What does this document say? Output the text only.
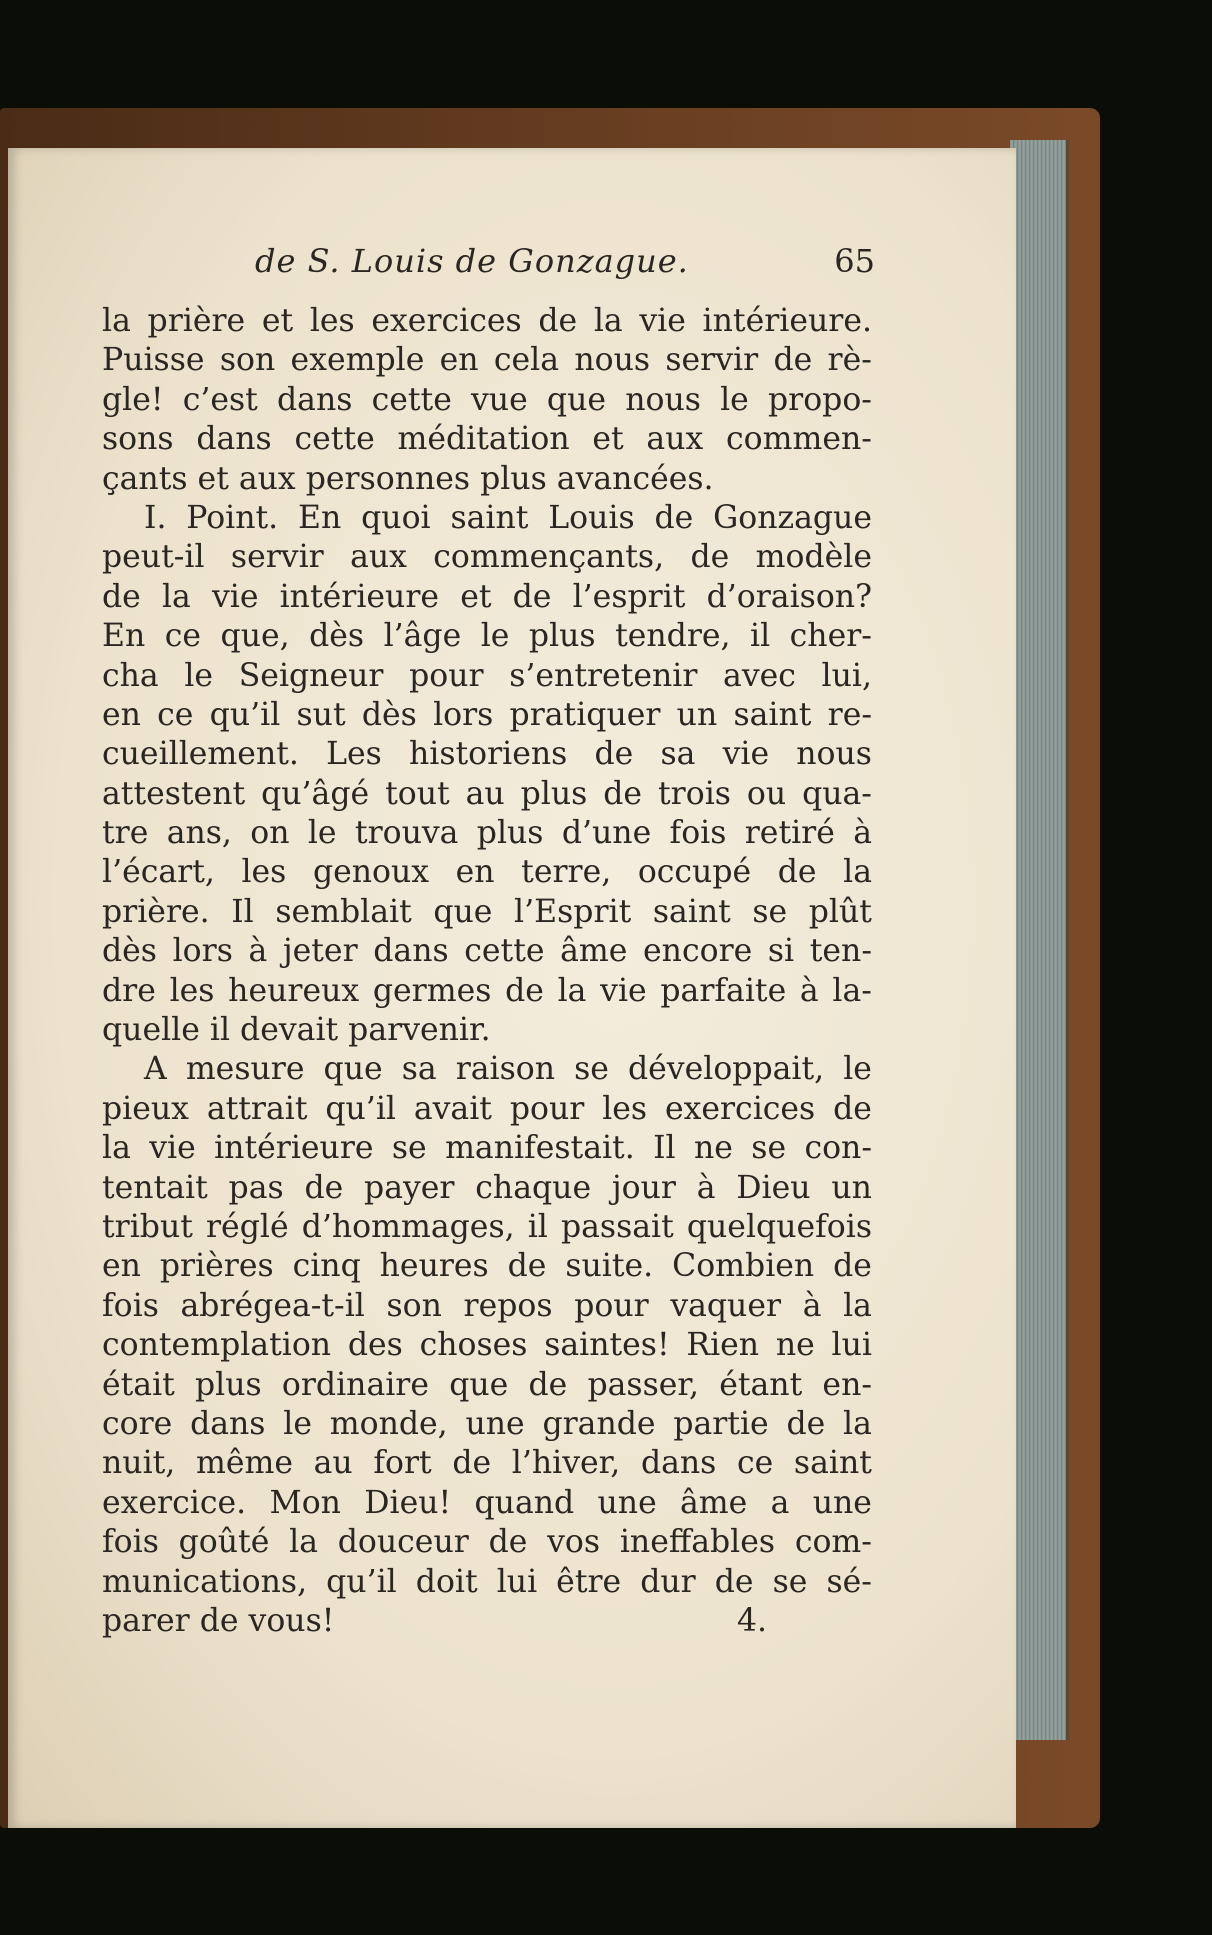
de S. Louis de Gonzague.	65
la prière et les exercices de la vie intérieure.
Puisse son exemple en cela nous servir de rè-
gle! c’est dans cette vue que nous le propo-
sons dans cette méditation et aux commen-
çants et aux personnes plus avancées.
I. Point. En quoi saint Louis de Gonzague
peut-il servir aux commençants, de modèle
de la vie intérieure et de l’esprit d’oraison?
En ce que, dès l’âge le plus tendre, il cher-
cha le Seigneur pour s’entretenir avec lui,
en ce qu’il sut dès lors pratiquer un saint re-
cueillement. Les historiens de sa vie nous
attestent qu’âgé tout au plus de trois ou qua-
tre ans, on le trouva plus d’une fois retiré à
l’écart, les genoux en terre, occupé de la
prière. Il semblait que l’Esprit saint se plût
dès lors à jeter dans cette âme encore si ten-
dre les heureux germes de la vie parfaite à la-
quelle il devait parvenir.
A mesure que sa raison se développait, le
pieux attrait qu’il avait pour les exercices de
la vie intérieure se manifestait. Il ne se con-
tentait pas de payer chaque jour à Dieu un
tribut réglé d’hommages, il passait quelquefois
en prières cinq heures de suite. Combien de
fois abrégea-t-il son repos pour vaquer à la
contemplation des choses saintes! Rien ne lui
était plus ordinaire que de passer, étant en-
core dans le monde, une grande partie de la
nuit, même au fort de l’hiver, dans ce saint
exercice. Mon Dieu! quand une âme a une
fois goûté la douceur de vos ineffables com-
munications, qu’il doit lui être dur de se sé-
parer de vous!	4.
